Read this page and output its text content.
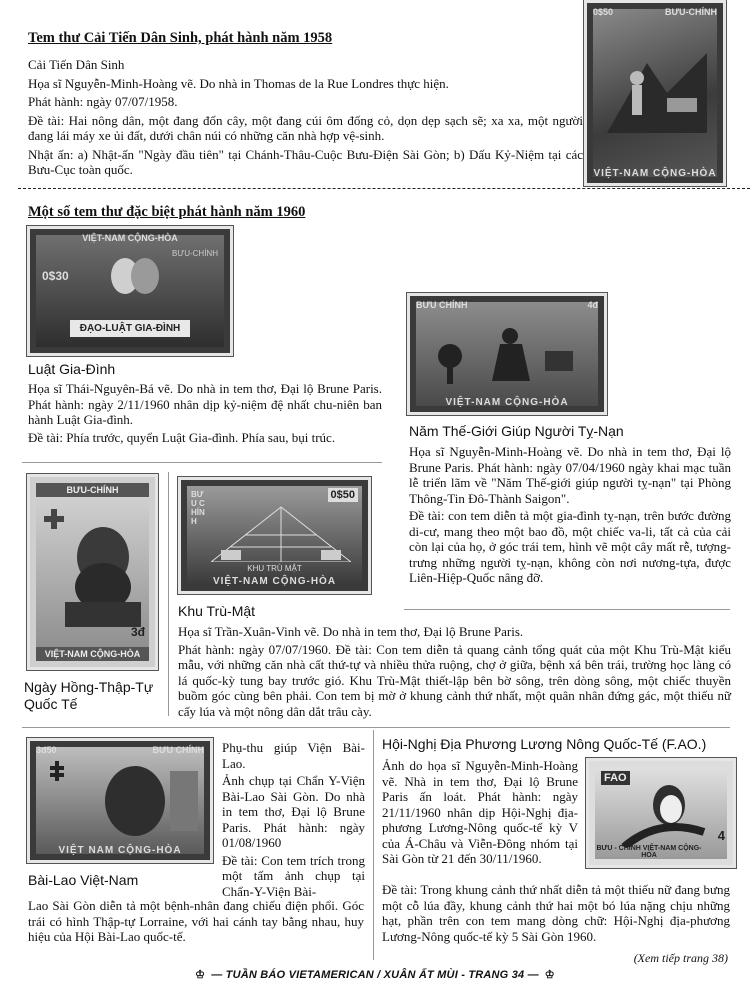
Tem thư Cải Tiến Dân Sinh, phát hành năm 1958
Cải Tiến Dân Sinh
Họa sĩ Nguyễn-Minh-Hoàng vẽ. Do nhà in Thomas de la Rue Londres thực hiện.
Phát hành: ngày 07/07/1958.
Đề tài: Hai nông dân, một đang đốn cây, một đang cúi ôm đống cỏ, dọn dẹp sạch sẽ; xa xa, một người đang lái máy xe ủi đất, dưới chân núi có những căn nhà hợp vệ-sinh.
Nhật ấn: a) Nhật-ấn "Ngày đầu tiên" tại Chánh-Thâu-Cuộc Bưu-Điện Sài Gòn; b) Dấu Kỷ-Niệm tại các Bưu-Cục toàn quốc.
0$50	BƯU-CHÍNH
VIỆT-NAM CỘNG-HÒA
Một số tem thư đặc biệt phát hành năm 1960
VIỆT-NAM CỘNG-HÒA
0$30
BƯU-CHÍNH
ĐẠO-LUẬT GIA-ĐÌNH
Luật Gia-Đình
Họa sĩ Thái-Nguyên-Bá vẽ. Do nhà in tem thơ, Đại lộ Brune Paris. Phát hành: ngày 2/11/1960 nhân dịp kỷ-niệm đệ nhất chu-niên ban hành Luật Gia-đình.
Đề tài: Phía trước, quyển Luật Gia-đình. Phía sau, bụi trúc.
BƯU CHÍNH	4đ
VIỆT-NAM CỘNG-HÒA
Năm Thế-Giới Giúp Người Tỵ-Nạn
Họa sĩ Nguyễn-Minh-Hoàng vẽ. Do nhà in tem thơ, Đại lộ Brune Paris. Phát hành: ngày 07/04/1960 ngày khai mạc tuần lễ triển lãm về "Năm Thế-giới giúp người tỵ-nạn" tại Phòng Thông-Tin Đô-Thành Saigon".
Đề tài: con tem diễn tả một gia-đình tỵ-nạn, trên bước đường di-cư, mang theo một bao đồ, một chiếc va-li, tất cả của cải còn lại của họ, ở góc trái tem, hình vẽ một cây mất rễ, tượng-trưng những người tỵ-nạn, không còn nơi nương-tựa, được Liên-Hiệp-Quốc nâng đỡ.
BƯU-CHÍNH
3đ
VIỆT-NAM CỘNG-HÒA
Ngày Hồng-Thập-Tự Quốc Tế
BƯU CHÍNH
0$50
KHU TRÙ MẬT
VIỆT-NAM CỘNG-HÒA
Khu Trù-Mật
Họa sĩ Trần-Xuân-Vinh vẽ. Do nhà in tem thơ, Đại lộ Brune Paris.
Phát hành: ngày 07/07/1960. Đề tài: Con tem diễn tả quang cảnh tổng quát của một Khu Trù-Mật kiểu mẫu, với những căn nhà cất thứ-tự và nhiều thửa ruộng, chợ ở giữa, bệnh xá bên trái, trường học làng có lá quốc-kỳ tung bay trước gió. Khu Trù-Mật thiết-lập bên bờ sông, trên dòng sông, một chiếc thuyền buồm góc cùng bên phải. Con tem bị mờ ở khung cảnh thứ nhất, một quân nhân đứng gác, một thiếu nữ cấy lúa và một nông dân dắt trâu cày.
3đ50	BƯU CHÍNH
VIỆT NAM CỘNG-HÒA
Bài-Lao Việt-Nam
Phụ-thu giúp Viện Bài-Lao.
Ảnh chụp tại Chẩn Y-Viện Bài-Lao Sài Gòn. Do nhà in tem thơ, Đại lộ Brune Paris. Phát hành: ngày 01/08/1960
Đề tài: Con tem trích trong một tấm ảnh chụp tại Chẩn-Y-Viện Bài-
Lao Sài Gòn diễn tả một bệnh-nhân đang chiếu điện phổi. Góc trái có hình Thập-tự Lorraine, với hai cánh tay bằng nhau, huy hiệu của Hội Bài-Lao quốc-tế.
Hội-Nghị Địa Phương Lương Nông Quốc-Tế (F.AO.)
Ảnh do họa sĩ Nguyễn-Minh-Hoàng vẽ. Nhà in tem thơ, Đại lộ Brune Paris ấn loát. Phát hành: ngày 21/11/1960 nhân dịp Hội-Nghị địa-phương Lương-Nông quốc-tế kỳ V của Á-Châu và Viễn-Đông nhóm tại Sài Gòn từ 21 đến 30/11/1960.
FAO
4
BƯU - CHÍNH VIỆT-NAM CỘNG-HÒA
Đề tài: Trong khung cảnh thứ nhất diễn tả một thiếu nữ đang bưng một cỗ lúa đầy, khung cảnh thứ hai một bó lúa nặng chịu những hạt, phần trên con tem mang dòng chữ: Hội-Nghị địa-phương Lương-Nông quốc-tế kỳ 5 Sài Gòn 1960.
(Xem tiếp trang 38)
♔ — TUẦN BÁO VIETAMERICAN / XUÂN ẤT MÙI - TRANG 34 — ♔
